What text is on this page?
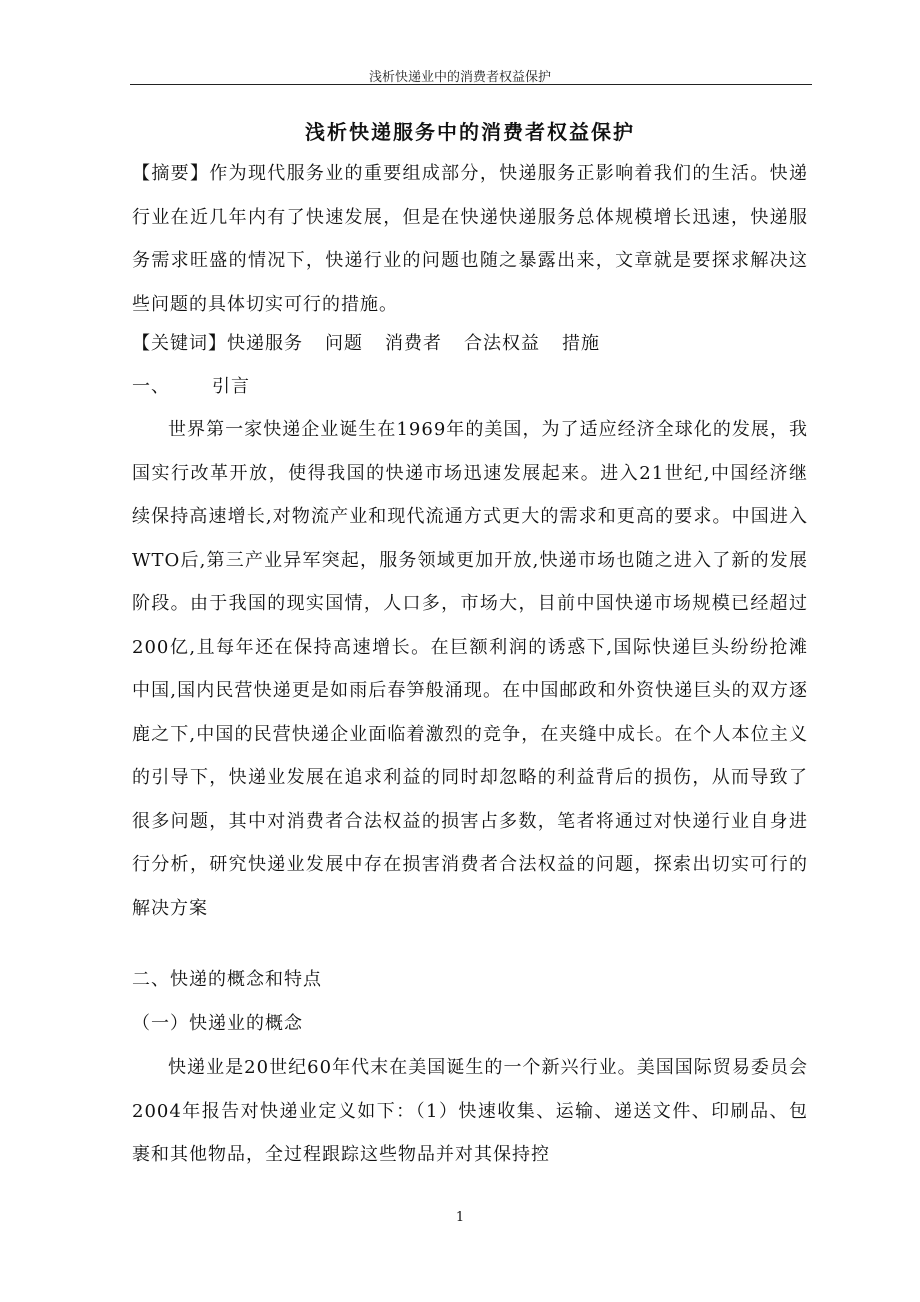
浅析快递业中的消费者权益保护
浅析快递服务中的消费者权益保护
【摘要】作为现代服务业的重要组成部分，快递服务正影响着我们的生活。快递行业在近几年内有了快速发展，但是在快递快递服务总体规模增长迅速，快递服务需求旺盛的情况下，快递行业的问题也随之暴露出来，文章就是要探求解决这些问题的具体切实可行的措施。
【关键词】快递服务 问题 消费者 合法权益 措施
一、 引言
世界第一家快递企业诞生在1969年的美国，为了适应经济全球化的发展，我国实行改革开放，使得我国的快递市场迅速发展起来。进入21世纪,中国经济继续保持高速增长,对物流产业和现代流通方式更大的需求和更高的要求。中国进入WTO后,第三产业异军突起，服务领域更加开放,快递市场也随之进入了新的发展阶段。由于我国的现实国情，人口多，市场大，目前中国快递市场规模已经超过200亿,且每年还在保持高速增长。在巨额利润的诱惑下,国际快递巨头纷纷抢滩中国,国内民营快递更是如雨后春笋般涌现。在中国邮政和外资快递巨头的双方逐鹿之下,中国的民营快递企业面临着激烈的竞争，在夹缝中成长。在个人本位主义的引导下，快递业发展在追求利益的同时却忽略的利益背后的损伤，从而导致了很多问题，其中对消费者合法权益的损害占多数，笔者将通过对快递行业自身进行分析，研究快递业发展中存在损害消费者合法权益的问题，探索出切实可行的解决方案
二、快递的概念和特点
（一）快递业的概念
快递业是20世纪60年代末在美国诞生的一个新兴行业。美国国际贸易委员会2004年报告对快递业定义如下：（1）快速收集、运输、递送文件、印刷品、包裹和其他物品，全过程跟踪这些物品并对其保持控
1
